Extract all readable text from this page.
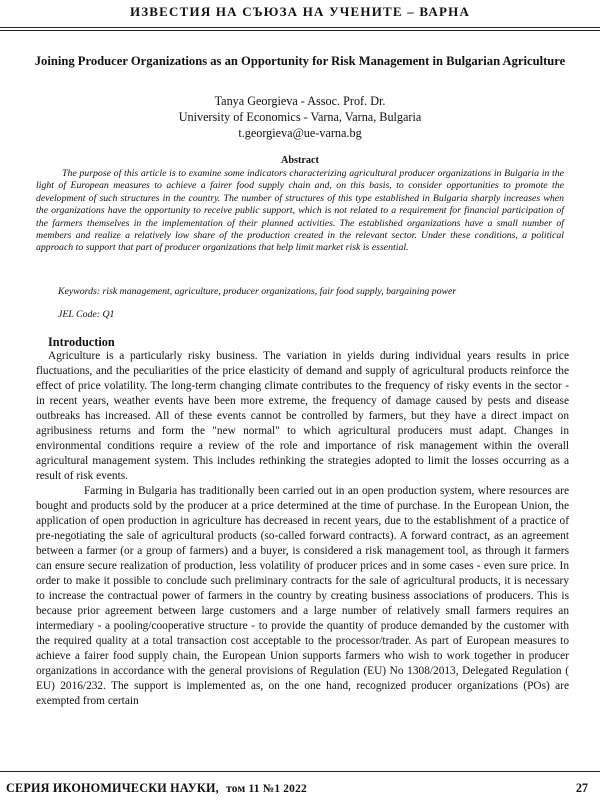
ИЗВЕСТИЯ НА СЪЮЗА НА УЧЕНИТЕ – ВАРНА
Joining Producer Organizations as an Opportunity for Risk Management in Bulgarian Agriculture
Tanya Georgieva - Assoc. Prof. Dr.
University of Economics - Varna, Varna, Bulgaria
t.georgieva@ue-varna.bg
Abstract

The purpose of this article is to examine some indicators characterizing agricultural producer organizations in Bulgaria in the light of European measures to achieve a fairer food supply chain and, on this basis, to consider opportunities to promote the development of such structures in the country. The number of structures of this type established in Bulgaria sharply increases when the organizations have the opportunity to receive public support, which is not related to a requirement for financial participation of the farmers themselves in the implementation of their planned activities. The established organizations have a small number of members and realize a relatively low share of the production created in the relevant sector. Under these conditions, a political approach to support that part of producer organizations that help limit market risk is essential.

Keywords: risk management, agriculture, producer organizations, fair food supply, bargaining power

JEL Code: Q1

Introduction

Agriculture is a particularly risky business. The variation in yields during individual years results in price fluctuations, and the peculiarities of the price elasticity of demand and supply of agricultural products reinforce the effect of price volatility. The long-term changing climate contributes to the frequency of risky events in the sector - in recent years, weather events have been more extreme, the frequency of damage caused by pests and disease outbreaks has increased. All of these events cannot be controlled by farmers, but they have a direct impact on agribusiness returns and form the "new normal" to which agricultural producers must adapt. Changes in environmental conditions require a review of the role and importance of risk management within the overall agricultural management system. This includes rethinking the strategies adopted to limit the losses occurring as a result of risk events.

Farming in Bulgaria has traditionally been carried out in an open production system, where resources are bought and products sold by the producer at a price determined at the time of purchase. In the European Union, the application of open production in agriculture has decreased in recent years, due to the establishment of a practice of pre-negotiating the sale of agricultural products (so-called forward contracts). A forward contract, as an agreement between a farmer (or a group of farmers) and a buyer, is considered a risk management tool, as through it farmers can ensure secure realization of production, less volatility of producer prices and in some cases - even sure price. In order to make it possible to conclude such preliminary contracts for the sale of agricultural products, it is necessary to increase the contractual power of farmers in the country by creating business associations of producers. This is because prior agreement between large customers and a large number of relatively small farmers requires an intermediary - a pooling/cooperative structure - to provide the quantity of produce demanded by the customer with the required quality at a total transaction cost acceptable to the processor/trader. As part of European measures to achieve a fairer food supply chain, the European Union supports farmers who wish to work together in producer organizations in accordance with the general provisions of Regulation (EU) No 1308/2013, Delegated Regulation ( EU) 2016/232. The support is implemented as, on the one hand, recognized producer organizations (POs) are exempted from certain

СЕРИЯ ИКОНОМИЧЕСКИ НАУКИ, том 11 №1 2022	27
